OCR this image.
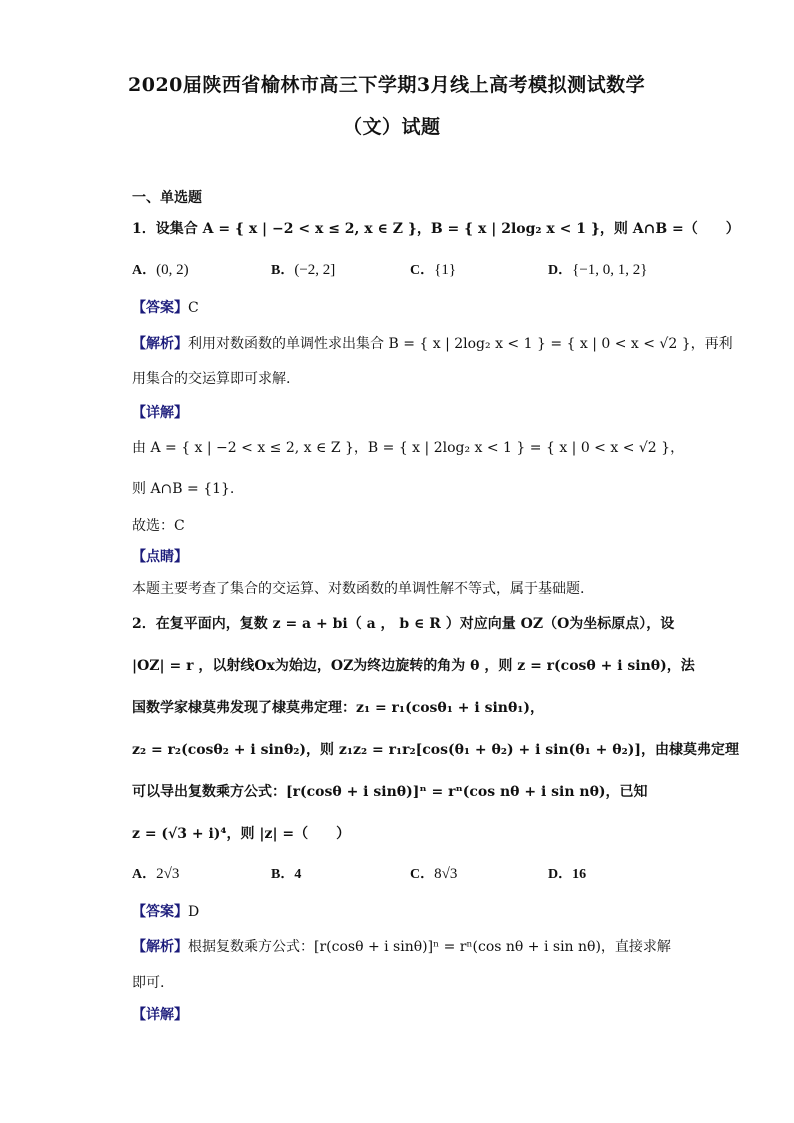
2020届陕西省榆林市高三下学期3月线上高考模拟测试数学
（文）试题
一、单选题
1．设集合 A = { x | −2 < x ≤ 2, x ∈ Z }，B = { x | 2log₂ x < 1 }，则 A∩B =（　　）
A．(0, 2)	B．(−2, 2]	C．{1}	D．{−1, 0, 1, 2}
【答案】C
【解析】利用对数函数的单调性求出集合 B = { x | 2log₂ x < 1 } = { x | 0 < x < √2 }，再利
用集合的交运算即可求解.
【详解】
由 A = { x | −2 < x ≤ 2, x ∈ Z }，B = { x | 2log₂ x < 1 } = { x | 0 < x < √2 }，
则 A∩B = {1}.
故选：C
【点睛】
本题主要考查了集合的交运算、对数函数的单调性解不等式，属于基础题.
2．在复平面内，复数 z = a + bi（ a ， b ∈ R ）对应向量 OZ（O为坐标原点），设
|OZ| = r ，以射线Ox为始边，OZ为终边旋转的角为 θ ，则 z = r(cosθ + i sinθ)，法
国数学家棣莫弗发现了棣莫弗定理：z₁ = r₁(cosθ₁ + i sinθ₁)，
z₂ = r₂(cosθ₂ + i sinθ₂)，则 z₁z₂ = r₁r₂[cos(θ₁ + θ₂) + i sin(θ₁ + θ₂)]，由棣莫弗定理
可以导出复数乘方公式：[r(cosθ + i sinθ)]ⁿ = rⁿ(cos nθ + i sin nθ)，已知
z = (√3 + i)⁴，则 |z| =（　　）
A．2√3	B．4	C．8√3	D．16
【答案】D
【解析】根据复数乘方公式：[r(cosθ + i sinθ)]ⁿ = rⁿ(cos nθ + i sin nθ)，直接求解
即可.
【详解】
